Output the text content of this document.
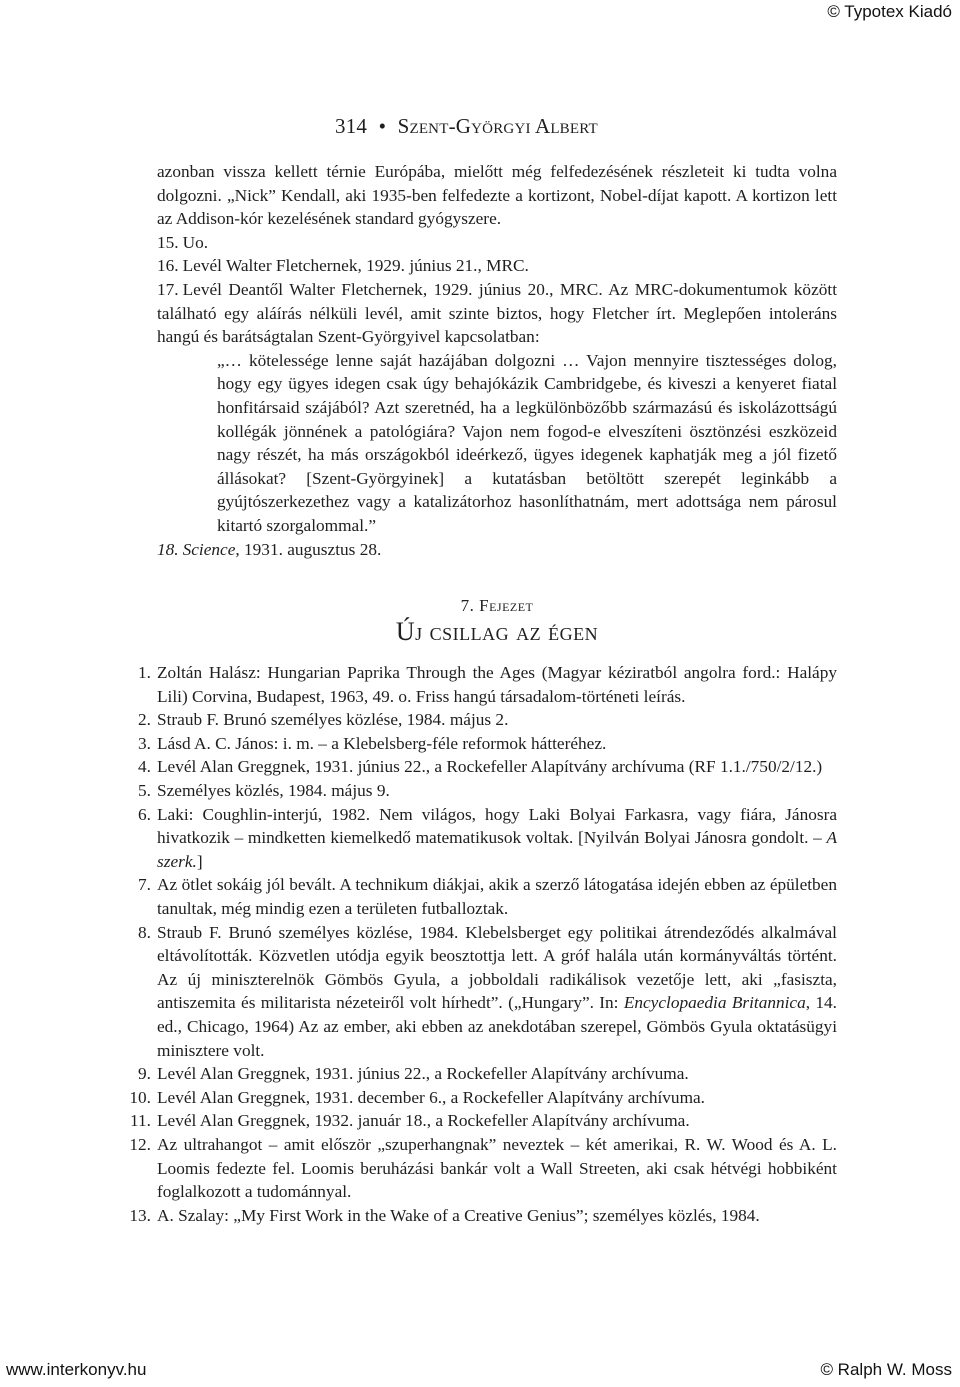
© Typotex Kiadó
314 • Szent-Györgyi Albert

azonban vissza kellett térnie Európába, mielőtt még felfedezésének részleteit ki tudta volna dolgozni. „Nick” Kendall, aki 1935-ben felfedezte a kortizont, Nobel-díjat kapott. A kortizon lett az Addison-kór kezelésének standard gyógyszere.

15. Uo.

16. Levél Walter Fletchernek, 1929. június 21., MRC.

17. Levél Deantől Walter Fletchernek, 1929. június 20., MRC. Az MRC-dokumentumok között található egy aláírás nélküli levél, amit szinte biztos, hogy Fletcher írt. Meglepően intoleráns hangú és barátságtalan Szent-Györgyivel kapcsolatban:

„… kötelessége lenne saját hazájában dolgozni … Vajon mennyire tisztességes dolog, hogy egy ügyes idegen csak úgy behajókázik Cambridgebe, és kiveszi a kenyeret fiatal honfitársaid szájából? Azt szeretnéd, ha a legkülönbözőbb származású és iskolázottságú kollégák jönnének a patológiára? Vajon nem fogod-e elveszíteni ösztönzési eszközeid nagy részét, ha más országokból ideérkező, ügyes idegenek kaphatják meg a jól fizető állásokat? [Szent-Györgyinek] a kutatásban betöltött szerepét leginkább a gyújtószerkezethez vagy a katalizátorhoz hasonlíthatnám, mert adottsága nem párosul kitartó szorgalommal.”

18. Science, 1931. augusztus 28.

7. Fejezet
Új csillag az égen

1. Zoltán Halász: Hungarian Paprika Through the Ages (Magyar kéziratból angolra ford.: Halápy Lili) Corvina, Budapest, 1963, 49. o. Friss hangú társadalom-történeti leírás.

2. Straub F. Brunó személyes közlése, 1984. május 2.

3. Lásd A. C. János: i. m. – a Klebelsberg-féle reformok hátteréhez.

4. Levél Alan Greggnek, 1931. június 22., a Rockefeller Alapítvány archívuma (RF 1.1./750/2/12.)

5. Személyes közlés, 1984. május 9.

6. Laki: Coughlin-interjú, 1982. Nem világos, hogy Laki Bolyai Farkasra, vagy fiára, Jánosra hivatkozik – mindketten kiemelkedő matematikusok voltak. [Nyilván Bolyai Jánosra gondolt. – A szerk.]

7. Az ötlet sokáig jól bevált. A technikum diákjai, akik a szerző látogatása idején ebben az épületben tanultak, még mindig ezen a területen futballoztak.

8. Straub F. Brunó személyes közlése, 1984. Klebelsberget egy politikai átrendeződés alkalmával eltávolították. Közvetlen utódja egyik beosztottja lett. A gróf halála után kormányváltás történt. Az új miniszterelnök Gömbös Gyula, a jobboldali radikálisok vezetője lett, aki „fasiszta, antiszemita és militarista nézeteiről volt hírhedt”. („Hungary”. In: Encyclopaedia Britannica, 14. ed., Chicago, 1964) Az az ember, aki ebben az anekdotában szerepel, Gömbös Gyula oktatásügyi minisztere volt.

9. Levél Alan Greggnek, 1931. június 22., a Rockefeller Alapítvány archívuma.

10. Levél Alan Greggnek, 1931. december 6., a Rockefeller Alapítvány archívuma.

11. Levél Alan Greggnek, 1932. január 18., a Rockefeller Alapítvány archívuma.

12. Az ultrahangot – amit először „szuperhangnak” neveztek – két amerikai, R. W. Wood és A. L. Loomis fedezte fel. Loomis beruházási bankár volt a Wall Streeten, aki csak hétvégi hobbiként foglalkozott a tudománnyal.

13. A. Szalay: „My First Work in the Wake of a Creative Genius”; személyes közlés, 1984.

www.interkonyv.hu	© Ralph W. Moss
